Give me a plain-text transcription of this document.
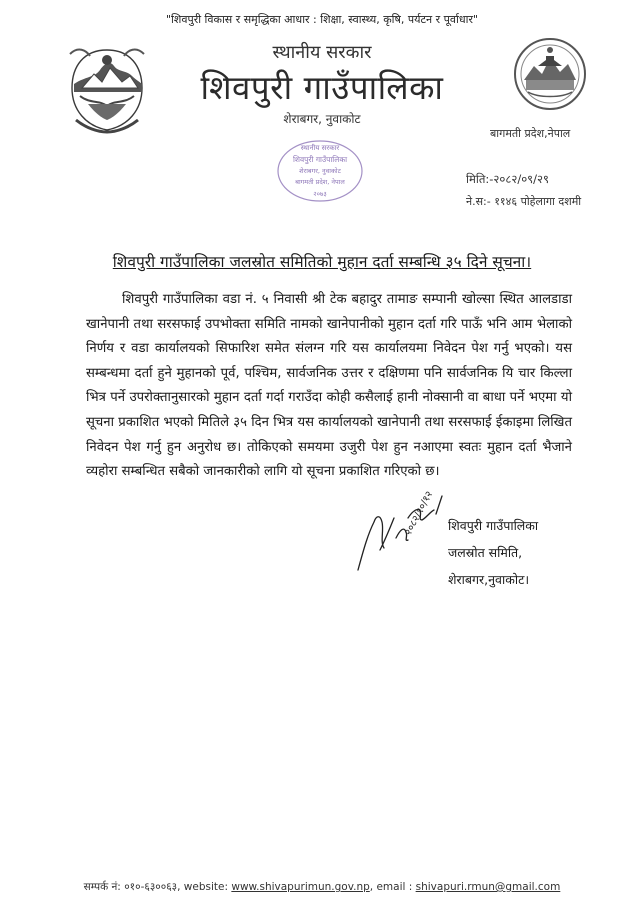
"शिवपुरी विकास र समृद्धिका आधार : शिक्षा, स्वास्थ्य, कृषि, पर्यटन र पूर्वाधार"
स्थानीय सरकार
शिवपुरी गाउँपालिका
शेराबगर, नुवाकोट
बागमती प्रदेश,नेपाल
स्थानीय सरकार
शिवपुरी गाउँपालिका
शेराबगर, नुवाकोट
बागमती प्रदेश, नेपाल
२०७३
मिति:-२०८२/०९/२९
ने.स:- ११४६ पोहेलागा दशमी
शिवपुरी गाउँपालिका जलस्रोत समितिको मुहान दर्ता सम्बन्धि ३५ दिने सूचना।

शिवपुरी गाउँपालिका वडा नं. ५ निवासी श्री टेक बहादुर तामाङ सम्पानी खोल्सा स्थित आलडाडा खानेपानी तथा सरसफाई उपभोक्ता समिति नामको खानेपानीको मुहान दर्ता गरि पाऊँ भनि आम भेलाको निर्णय र वडा कार्यालयको सिफारिश समेत संलग्न गरि यस कार्यालयमा निवेदन पेश गर्नु भएको। यस सम्बन्धमा दर्ता हुने मुहानको पूर्व, पश्चिम, सार्वजनिक उत्तर र दक्षिणमा पनि सार्वजनिक यि चार किल्ला भित्र पर्ने उपरोक्तानुसारको मुहान दर्ता गर्दा गराउँदा कोही कसैलाई हानी नोक्सानी वा बाधा पर्ने भएमा यो सूचना प्रकाशित भएको मितिले ३५ दिन भित्र यस कार्यालयको खानेपानी तथा सरसफाई ईकाइमा लिखित निवेदन पेश गर्नु हुन अनुरोध छ। तोकिएको समयमा उजुरी पेश हुन नआएमा स्वतः मुहान दर्ता भैजाने व्यहोरा सम्बन्धित सबैको जानकारीको लागि यो सूचना प्रकाशित गरिएको छ।

२०८२/१०/१२ शिवपुरी गाउँपालिका
जलस्रोत समिति,
शेराबगर,नुवाकोट।
सम्पर्क नं: ०१०-६३००६३, website: www.shivapurimun.gov.np, email : shivapuri.rmun@gmail.com
